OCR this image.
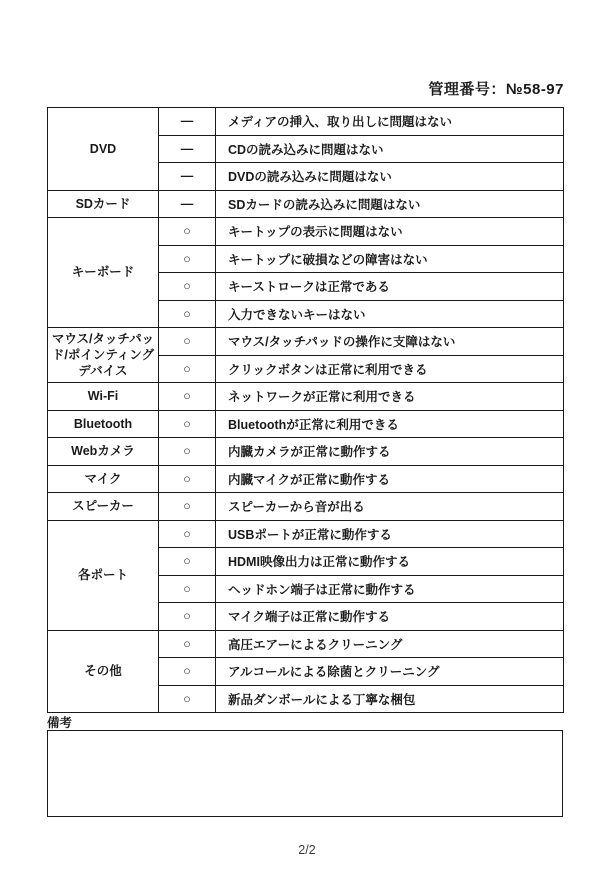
管理番号：№58-97
DVD	—	メディアの挿入、取り出しに問題はない
	—	CDの読み込みに問題はない
	—	DVDの読み込みに問題はない
SDカード	—	SDカードの読み込みに問題はない
キーボード	○	キートップの表示に問題はない
	○	キートップに破損などの障害はない
	○	キーストロークは正常である
	○	入力できないキーはない
マウス/タッチパッド/ポインティングデバイス	○	マウス/タッチパッドの操作に支障はない
	○	クリックボタンは正常に利用できる
Wi-Fi	○	ネットワークが正常に利用できる
Bluetooth	○	Bluetoothが正常に利用できる
Webカメラ	○	内臓カメラが正常に動作する
マイク	○	内臓マイクが正常に動作する
スピーカー	○	スピーカーから音が出る
各ポート	○	USBポートが正常に動作する
	○	HDMI映像出力は正常に動作する
	○	ヘッドホン端子は正常に動作する
	○	マイク端子は正常に動作する
その他	○	高圧エアーによるクリーニング
	○	アルコールによる除菌とクリーニング
	○	新品ダンボールによる丁寧な梱包
備考
2/2
